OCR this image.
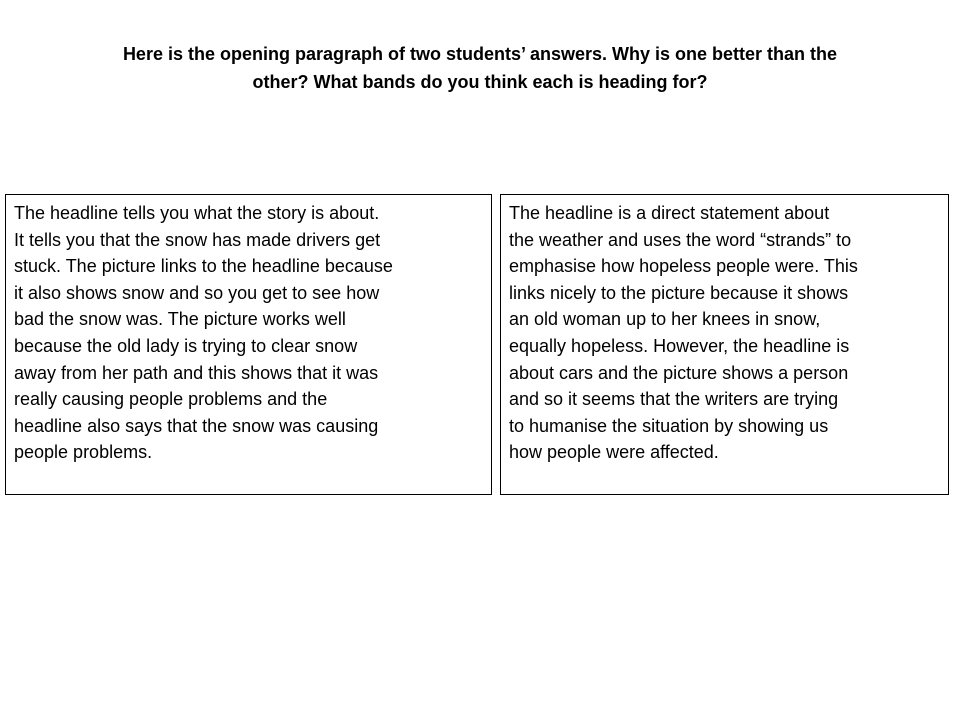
Here is the opening paragraph of two students’ answers. Why is one better than the
other? What bands do you think each is heading for?
The headline tells you what the story is about.
It tells you that the snow has made drivers get
stuck. The picture links to the headline because
it also shows snow and so you get to see how
bad the snow was. The picture works well
because the old lady is trying to clear snow
away from her path and this shows that it was
really causing people problems and the
headline also says that the snow was causing
people problems.
The headline is a direct statement about
the weather and uses the word “strands” to
emphasise how hopeless people were. This
links nicely to the picture because it shows
an old woman up to her knees in snow,
equally hopeless. However, the headline is
about cars and the picture shows a person
and so it seems that the writers are trying
to humanise the situation by showing us
how people were affected.
